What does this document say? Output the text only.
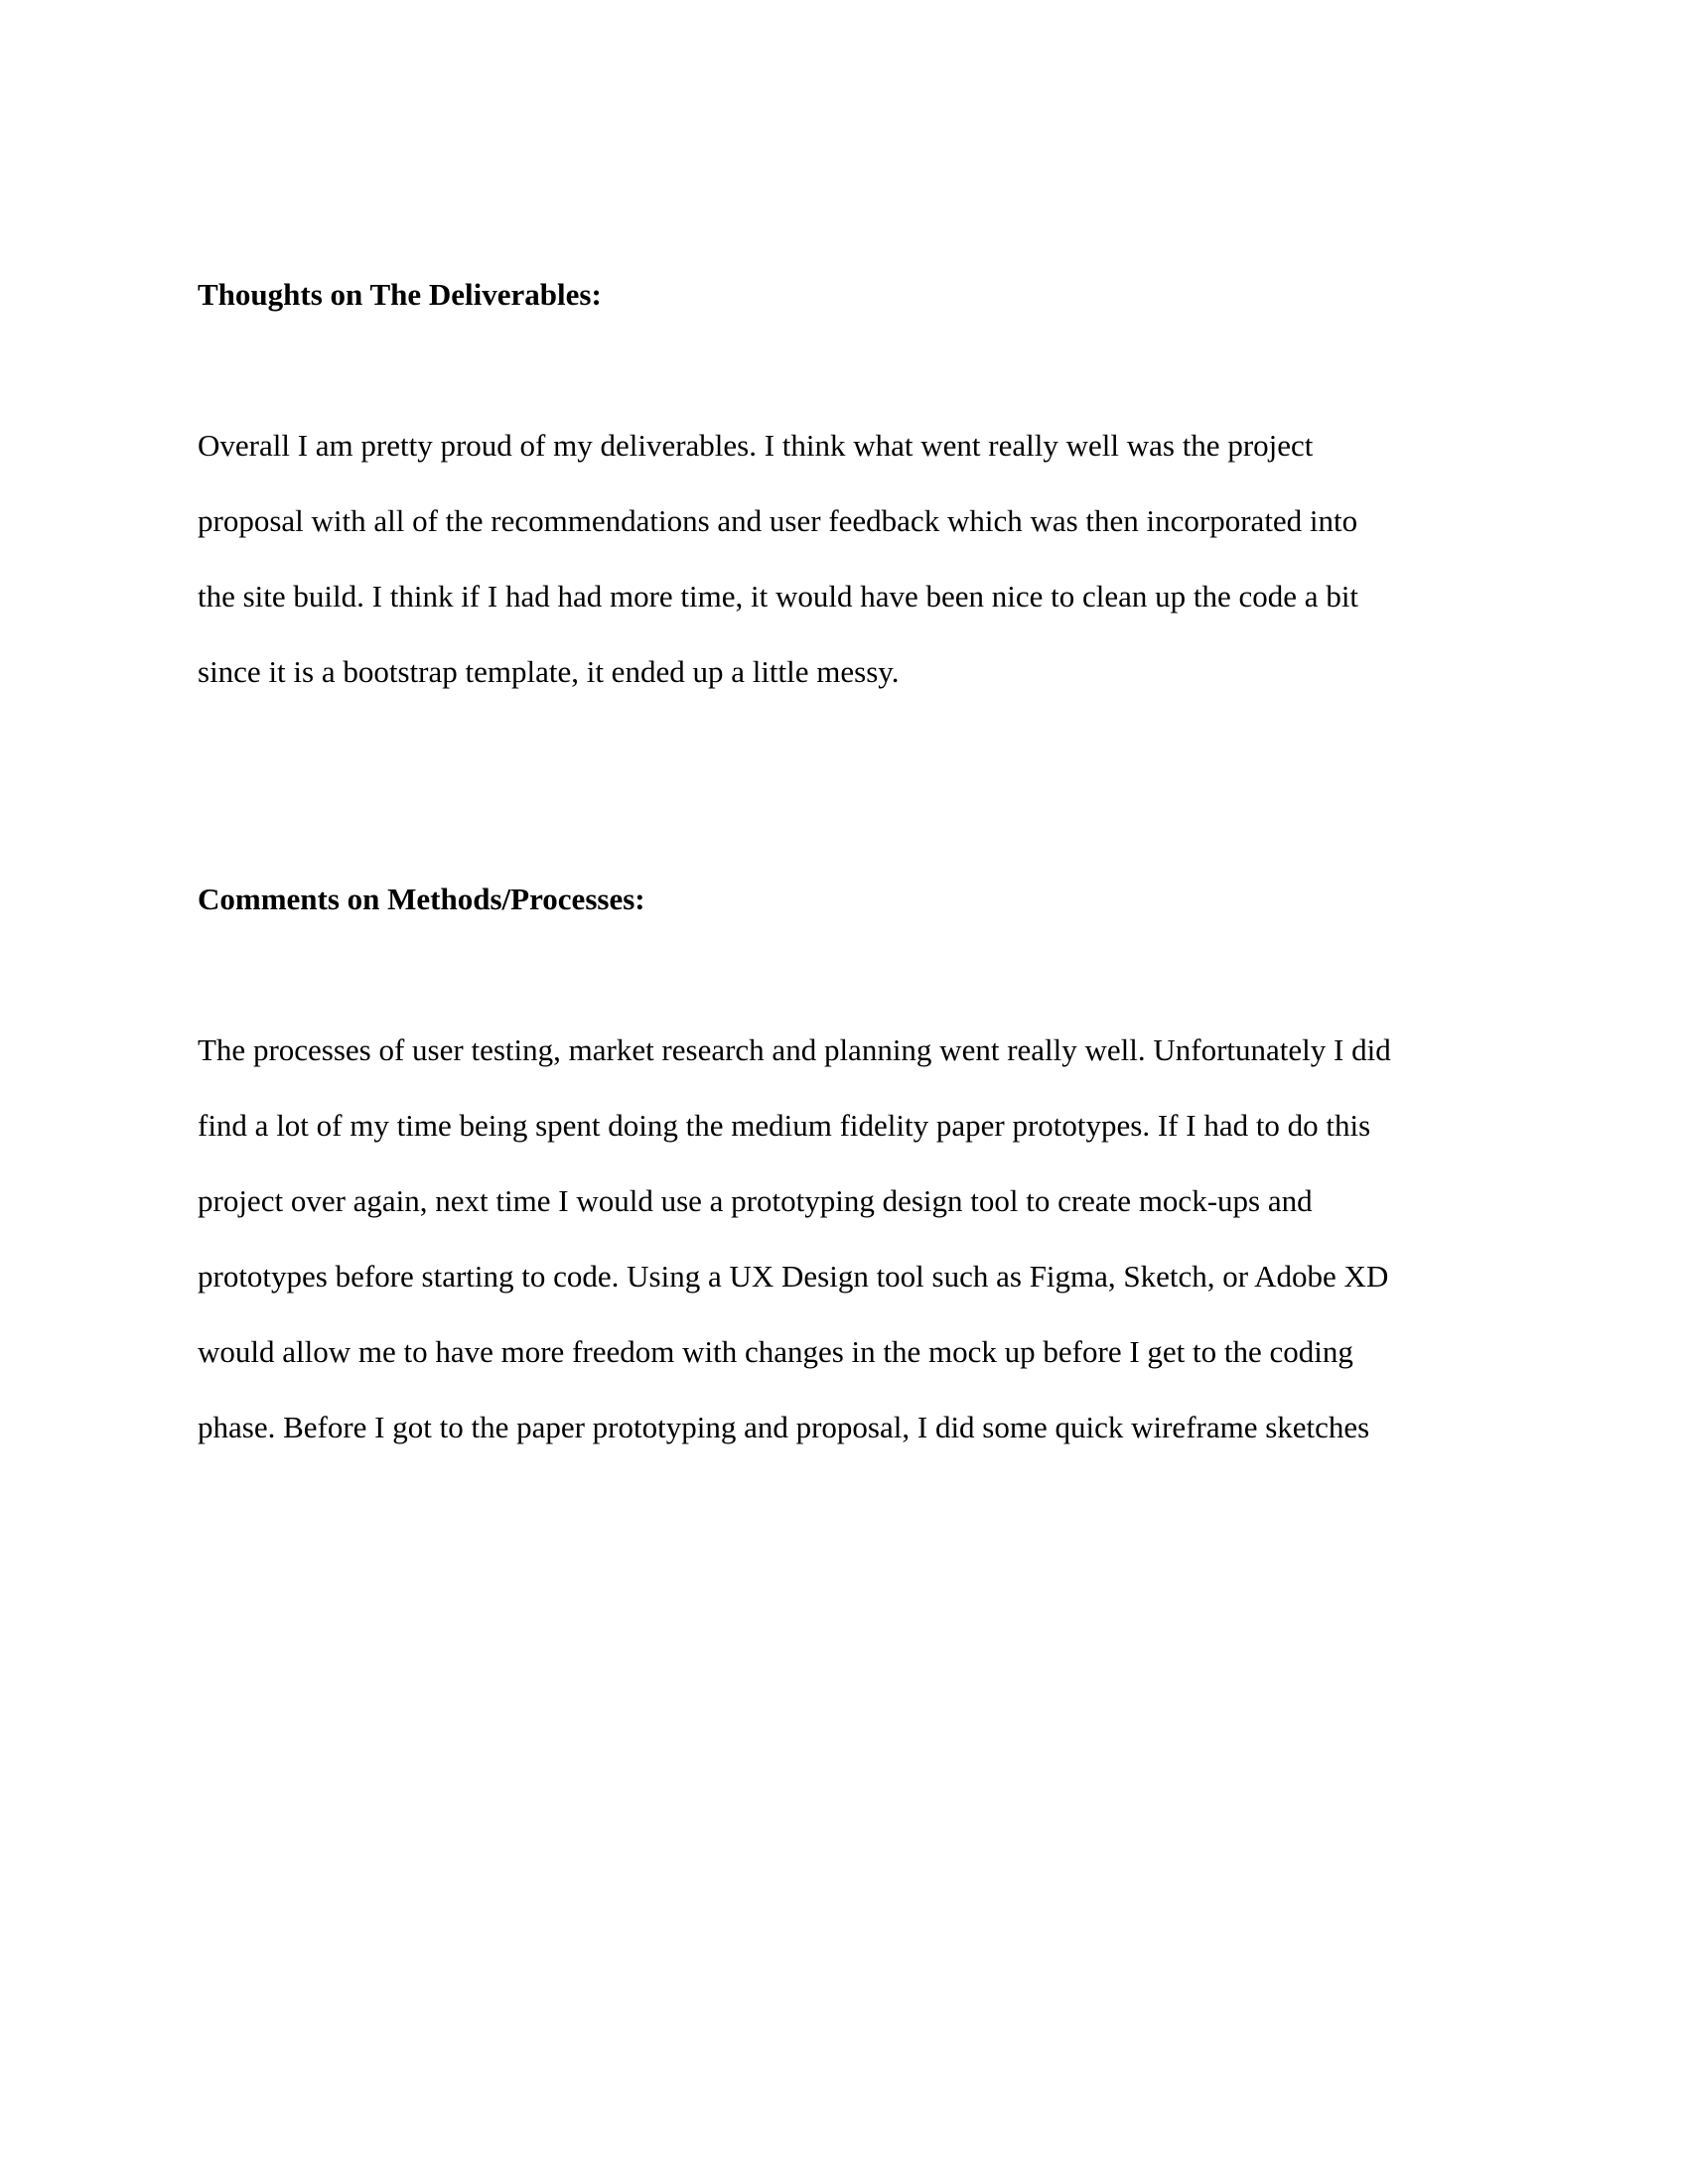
Thoughts on The Deliverables:
Overall I am pretty proud of my deliverables. I think what went really well was the project
proposal with all of the recommendations and user feedback which was then incorporated into
the site build. I think if I had had more time, it would have been nice to clean up the code a bit
since it is a bootstrap template, it ended up a little messy.
Comments on Methods/Processes:
The processes of user testing, market research and planning went really well. Unfortunately I did
find a lot of my time being spent doing the medium fidelity paper prototypes. If I had to do this
project over again, next time I would use a prototyping design tool to create mock-ups and
prototypes before starting to code. Using a UX Design tool such as Figma, Sketch, or Adobe XD
would allow me to have more freedom with changes in the mock up before I get to the coding
phase. Before I got to the paper prototyping and proposal, I did some quick wireframe sketches
